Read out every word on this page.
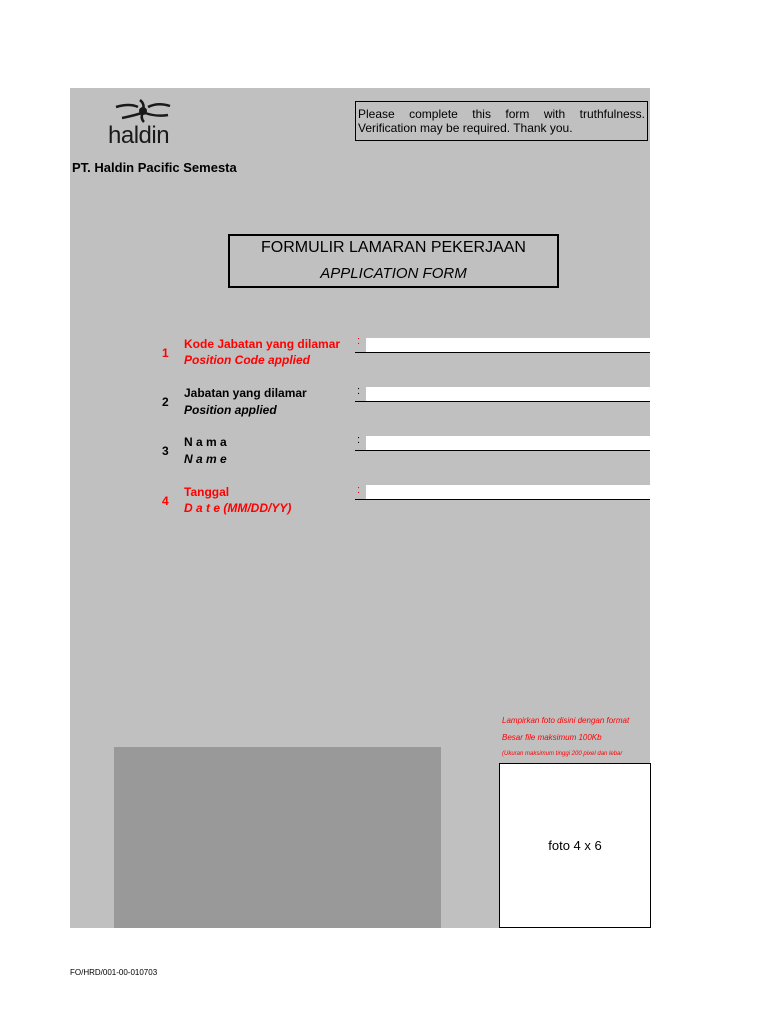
haldin
PT. Haldin Pacific Semesta
Please complete this form with truthfulness.
Verification may be required. Thank you.
FORMULIR LAMARAN PEKERJAAN
APPLICATION FORM
1
Kode Jabatan yang dilamar
Position Code applied
:
2
Jabatan yang dilamar
Position applied
:
3
N a m a
N a m e
:
4
Tanggal
D a t e (MM/DD/YY)
:
Lampirkan foto disini dengan format
Besar file maksimum 100Kb
(Ukuran maksimum tinggi 200 pixel dan lebar
foto 4 x 6
FO/HRD/001-00-010703
